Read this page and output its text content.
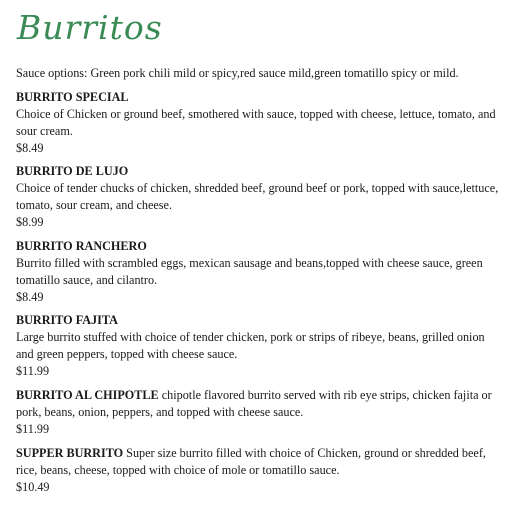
Burritos
Sauce options: Green pork chili mild or spicy,red sauce mild,green tomatillo spicy or mild.
BURRITO SPECIAL
Choice of Chicken or ground beef, smothered with sauce, topped with cheese, lettuce, tomato, and sour cream.
$8.49
BURRITO DE LUJO
Choice of tender chucks of chicken, shredded beef, ground beef or pork, topped with sauce,lettuce, tomato, sour cream, and cheese.
$8.99
BURRITO RANCHERO
Burrito filled with scrambled eggs, mexican sausage and beans,topped with cheese sauce, green tomatillo sauce, and cilantro.
$8.49
BURRITO FAJITA
Large burrito stuffed with choice of tender chicken, pork or strips of ribeye, beans, grilled onion and green peppers, topped with cheese sauce.
$11.99
BURRITO AL CHIPOTLE chipotle flavored burrito served with rib eye strips, chicken fajita or pork, beans, onion, peppers, and topped with cheese sauce.
$11.99
SUPPER BURRITO Super size burrito filled with choice of Chicken, ground or shredded beef, rice, beans, cheese, topped with choice of mole or tomatillo sauce.
$10.49
